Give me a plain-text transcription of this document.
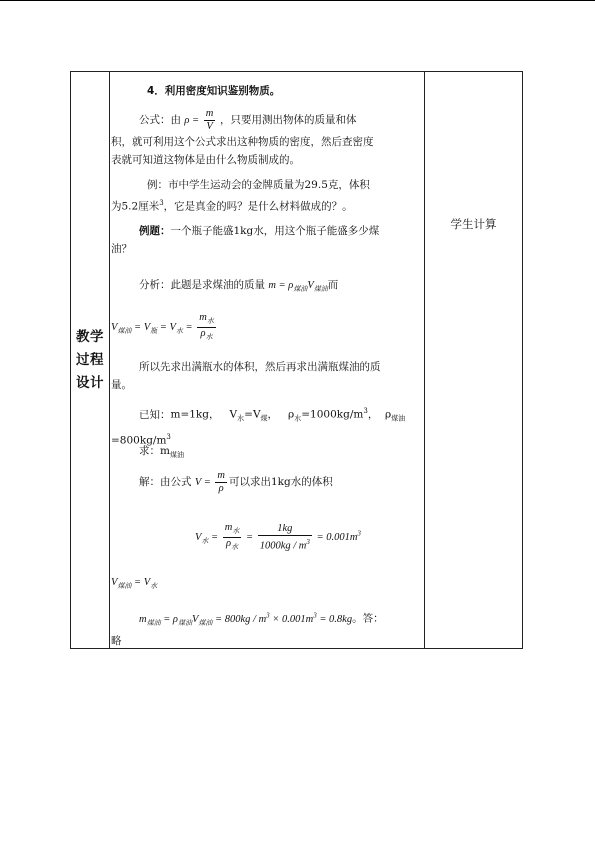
教学
过程
设计
学生计算
4．利用密度知识鉴别物质。
公式：由 $\rho = \frac{m}{V}$ ，只要用测出物体的质量和体
积，就可利用这个公式求出这种物质的密度，然后查密度
表就可知道这物体是由什么物质制成的。
例：市中学生运动会的金牌质量为29.5克，体积
为5.2厘米$^3$，它是真金的吗？是什么材料做成的？。
例题：一个瓶子能盛1kg水，用这个瓶子能盛多少煤
油？
分析：此题是求煤油的质量 $m = \rho_{煤油}V_{煤油}$而
$V_{煤油} = V_瓶 = V_水 = \frac{m_水}{\rho_水}$
所以先求出满瓶水的体积，然后再求出满瓶煤油的质
量。
已知：m=1kg， $V_水=V_煤$，   $\rho_水=1000kg/m^3$，  $\rho_{煤油}$
$=800kg/m^3$
求：$m_{煤油}$
解：由公式 $V = \frac{m}{\rho}$ 可以求出1kg水的体积
$V_水 = \frac{m_水}{\rho_水} = \frac{1kg}{1000kg / m^3} = 0.001m^3$
$V_{煤油} = V_水$
$m_{煤油} = \rho_{煤油}V_{煤油} = 800kg / m^3 \times 0.001m^3 = 0.8kg$。答：
略
